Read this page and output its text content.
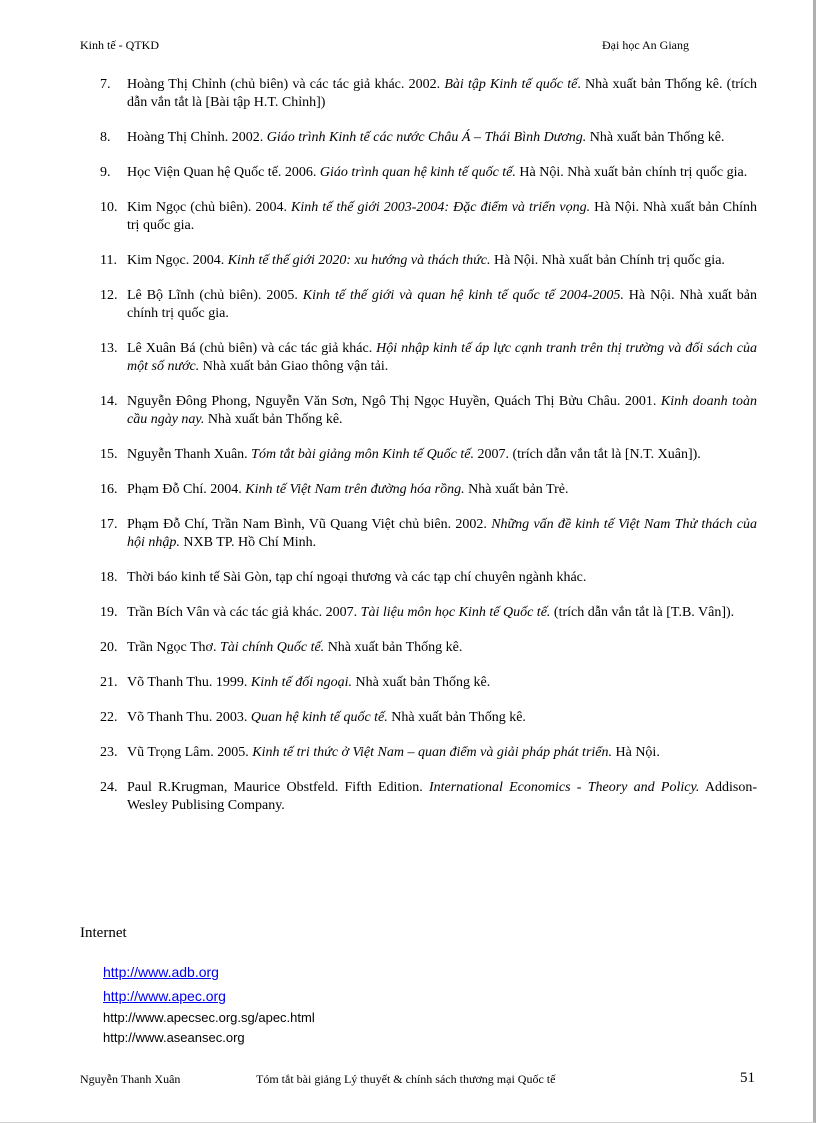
Kinh tế - QTKD	Đại học An Giang
7.	Hoàng Thị Chỉnh (chủ biên) và các tác giả khác. 2002. Bài tập Kinh tế quốc tế. Nhà xuất bản Thống kê. (trích dẫn vắn tắt là [Bài tập H.T. Chỉnh])
8.	Hoàng Thị Chỉnh. 2002. Giáo trình Kinh tế các nước Châu Á – Thái Bình Dương. Nhà xuất bản Thống kê.
9.	Học Viện Quan hệ Quốc tế. 2006. Giáo trình quan hệ kinh tế quốc tế. Hà Nội. Nhà xuất bản chính trị quốc gia.
10. Kim Ngọc (chủ biên). 2004. Kinh tế thế giới 2003-2004: Đặc điểm và triển vọng. Hà Nội. Nhà xuất bản Chính trị quốc gia.
11. Kim Ngọc. 2004. Kinh tế thế giới 2020: xu hướng và thách thức. Hà Nội. Nhà xuất bản Chính trị quốc gia.
12. Lê Bộ Lĩnh (chủ biên). 2005. Kinh tế thế giới và quan hệ kinh tế quốc tế 2004-2005. Hà Nội. Nhà xuất bản chính trị quốc gia.
13. Lê Xuân Bá (chủ biên) và các tác giả khác. Hội nhập kinh tế áp lực cạnh tranh trên thị trường và đối sách của một số nước. Nhà xuất bản Giao thông vận tải.
14. Nguyễn Đông Phong, Nguyễn Văn Sơn, Ngô Thị Ngọc Huyền, Quách Thị Bửu Châu. 2001. Kinh doanh toàn cầu ngày nay. Nhà xuất bản Thống kê.
15. Nguyễn Thanh Xuân. Tóm tắt bài giảng môn Kinh tế Quốc tế. 2007. (trích dẫn vắn tắt là [N.T. Xuân]).
16. Phạm Đỗ Chí. 2004. Kinh tế Việt Nam trên đường hóa rồng. Nhà xuất bản Trẻ.
17. Phạm Đỗ Chí, Trần Nam Bình, Vũ Quang Việt chủ biên. 2002. Những vấn đề kinh tế Việt Nam Thử thách của hội nhập. NXB TP. Hồ Chí Minh.
18. Thời báo kinh tế Sài Gòn, tạp chí ngoại thương và các tạp chí chuyên ngành khác.
19. Trần Bích Vân và các tác giả khác. 2007. Tài liệu môn học Kinh tế Quốc tế. (trích dẫn vắn tắt là [T.B. Vân]).
20. Trần Ngọc Thơ. Tài chính Quốc tế. Nhà xuất bản Thống kê.
21. Võ Thanh Thu. 1999. Kinh tế đối ngoại. Nhà xuất bản Thống kê.
22. Võ Thanh Thu. 2003. Quan hệ kinh tế quốc tế. Nhà xuất bản Thống kê.
23. Vũ Trọng Lâm. 2005. Kinh tế tri thức ở Việt Nam – quan điểm và giải pháp phát triển. Hà Nội.
24. Paul R.Krugman, Maurice Obstfeld. Fifth Edition. International Economics - Theory and Policy. Addison-Wesley Publising Company.
Internet
http://www.adb.org
http://www.apec.org
http://www.apecsec.org.sg/apec.html
http://www.aseansec.org
Nguyễn Thanh Xuân	Tóm tắt bài giảng Lý thuyết & chính sách thương mại Quốc tế	51
